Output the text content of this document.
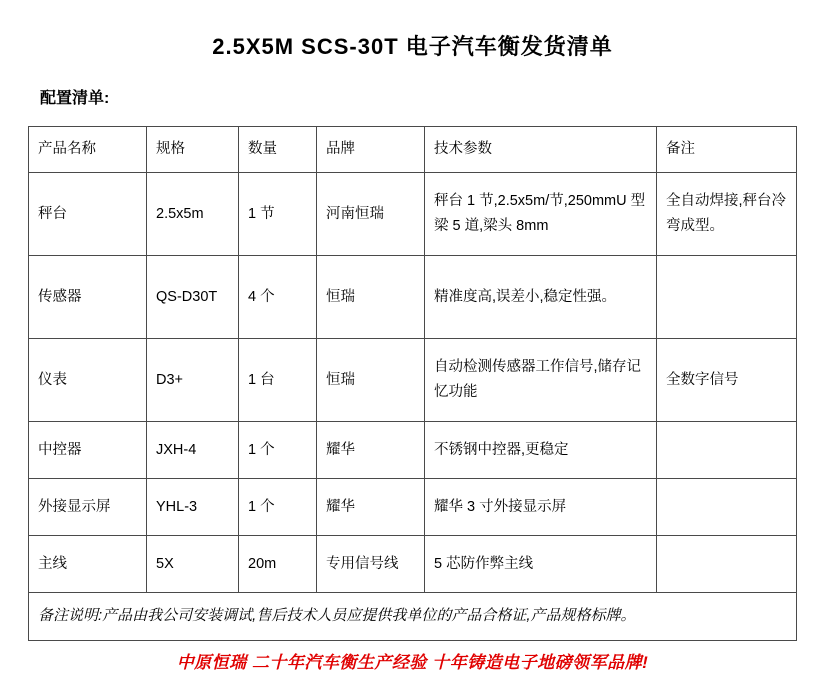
2.5X5M SCS-30T 电子汽车衡发货清单
配置清单:
产品名称	规格	数量	品牌	技术参数	备注
秤台	2.5x5m	1 节	河南恒瑞	秤台 1 节,2.5x5m/节,250mmU 型梁 5 道,梁头 8mm	全自动焊接,秤台冷弯成型。
传感器	QS-D30T	4 个	恒瑞	精准度高,误差小,稳定性强。	
仪表	D3+	1 台	恒瑞	自动检测传感器工作信号,储存记忆功能	全数字信号
中控器	JXH-4	1 个	耀华	不锈钢中控器,更稳定	
外接显示屏	YHL-3	1 个	耀华	耀华 3 寸外接显示屏	
主线	5X	20m	专用信号线	5 芯防作弊主线	
备注说明:产品由我公司安装调试,售后技术人员应提供我单位的产品合格证,产品规格标牌。					
中原恒瑞 二十年汽车衡生产经验 十年铸造电子地磅领军品牌!
